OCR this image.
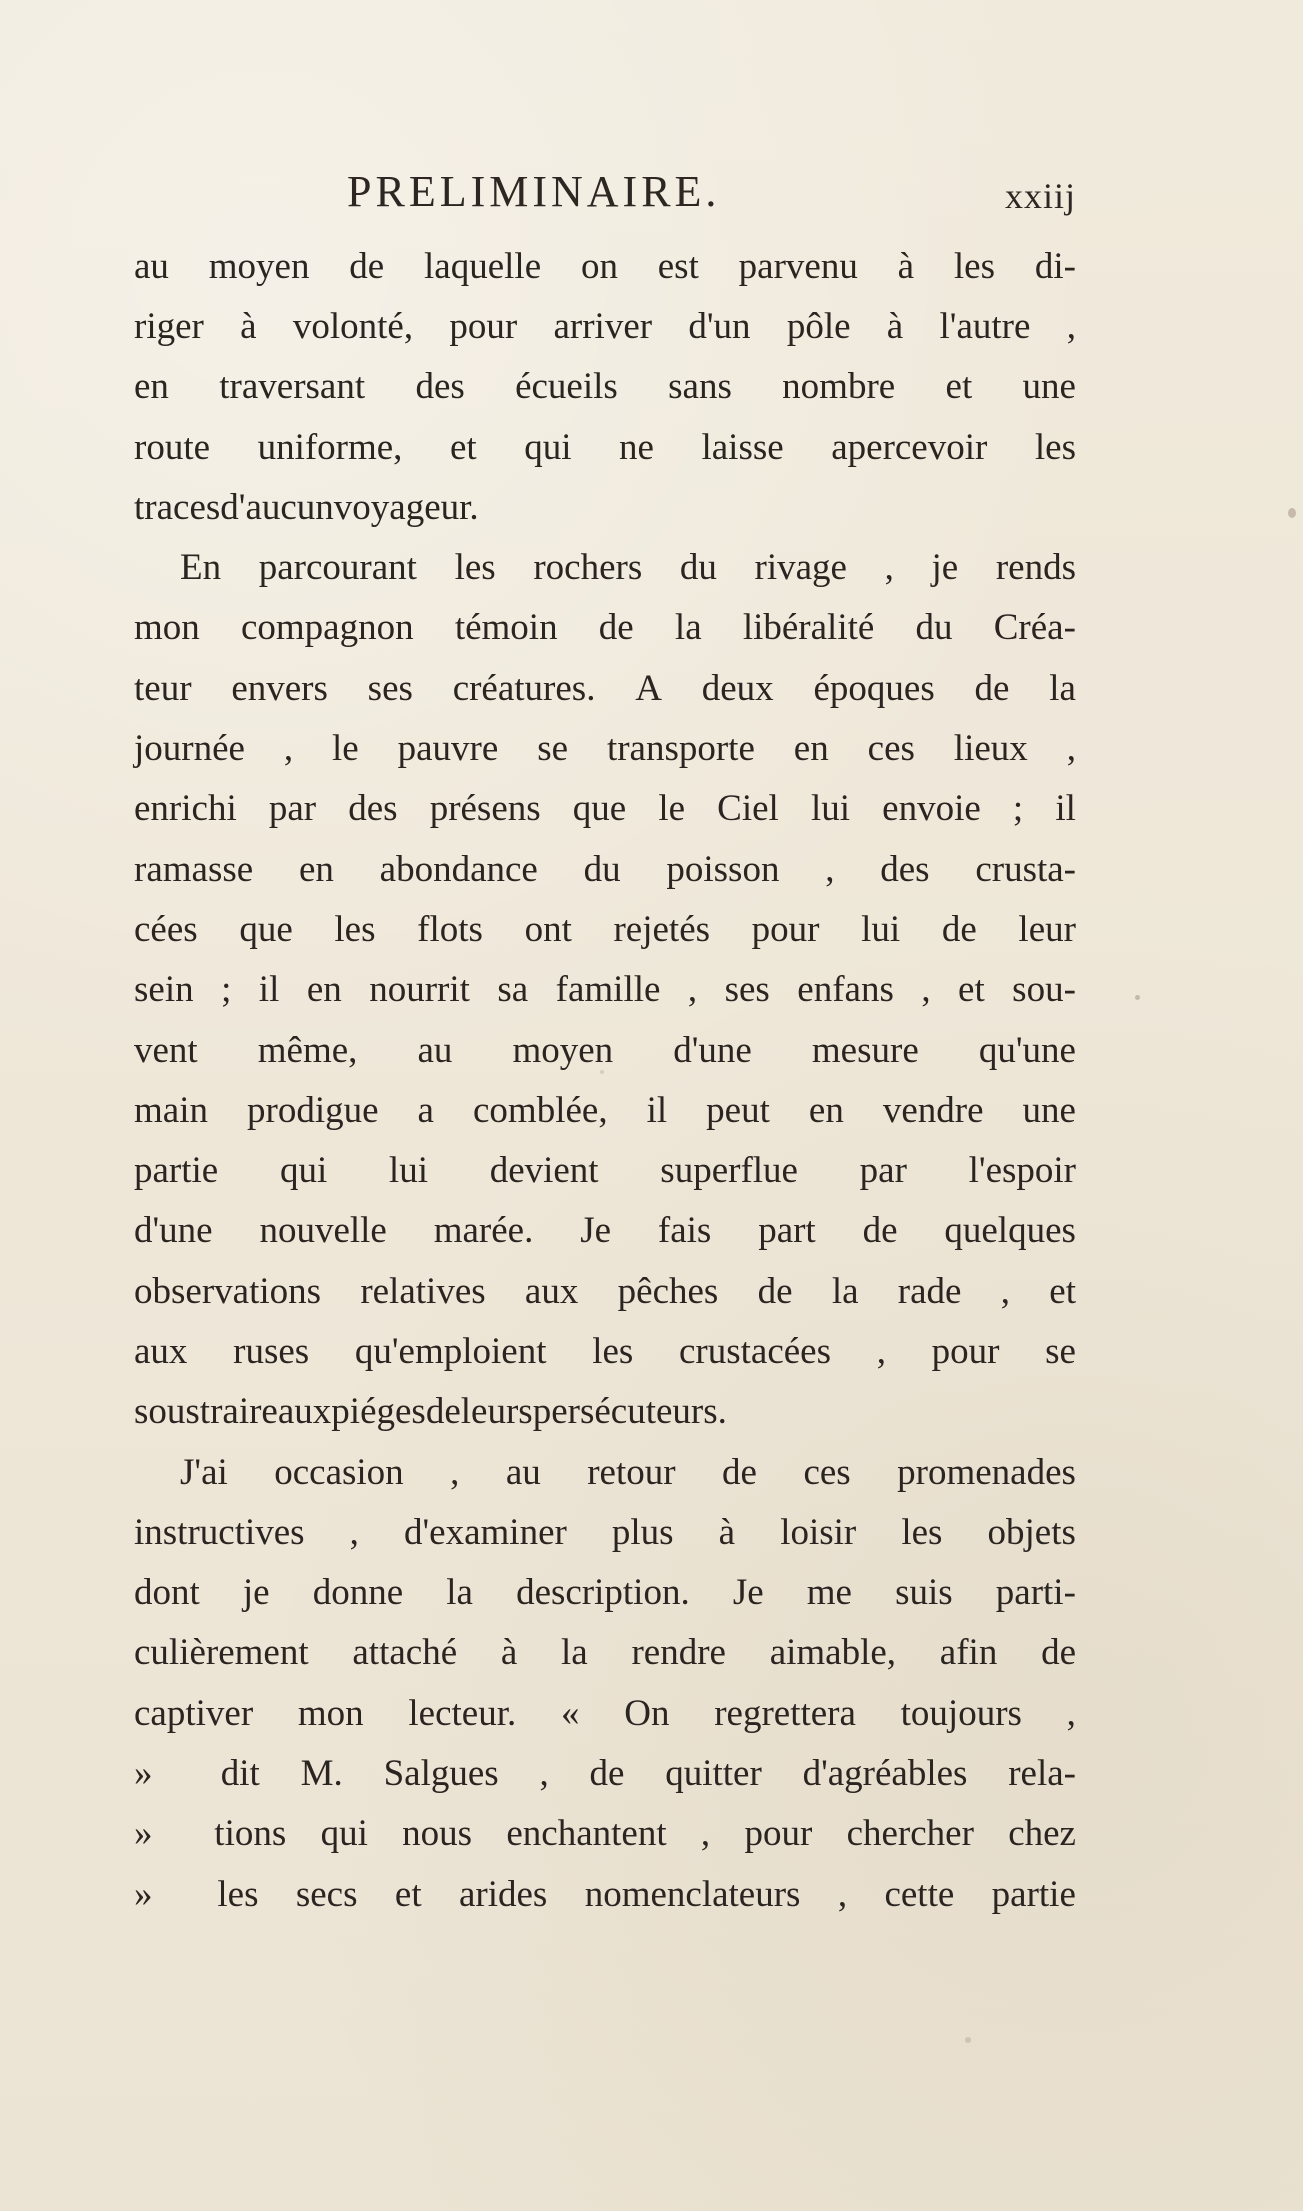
PRELIMINAIRE.	xxiij
au moyen de laquelle on est parvenu à les di-
riger à volonté, pour arriver d'un pôle à l'autre ,
en traversant des écueils sans nombre et une
route uniforme, et qui ne laisse apercevoir les
traces d'aucun voyageur.
En parcourant les rochers du rivage , je rends
mon compagnon témoin de la libéralité du Créa-
teur envers ses créatures. A deux époques de la
journée , le pauvre se transporte en ces lieux ,
enrichi par des présens que le Ciel lui envoie ; il
ramasse en abondance du poisson , des crusta-
cées que les flots ont rejetés pour lui de leur
sein ; il en nourrit sa famille , ses enfans , et sou-
vent même, au moyen d'une mesure qu'une
main prodigue a comblée, il peut en vendre une
partie qui lui devient superflue par l'espoir
d'une nouvelle marée. Je fais part de quelques
observations relatives aux pêches de la rade , et
aux ruses qu'emploient les crustacées , pour se
soustraire aux piéges de leurs persécuteurs.
J'ai occasion , au retour de ces promenades
instructives , d'examiner plus à loisir les objets
dont je donne la description. Je me suis parti-
culièrement attaché à la rendre aimable, afin de
captiver mon lecteur. « On regrettera toujours ,
»	dit M. Salgues , de quitter d'agréables rela-
»	tions qui nous enchantent , pour chercher chez
»	les secs et arides nomenclateurs , cette partie
